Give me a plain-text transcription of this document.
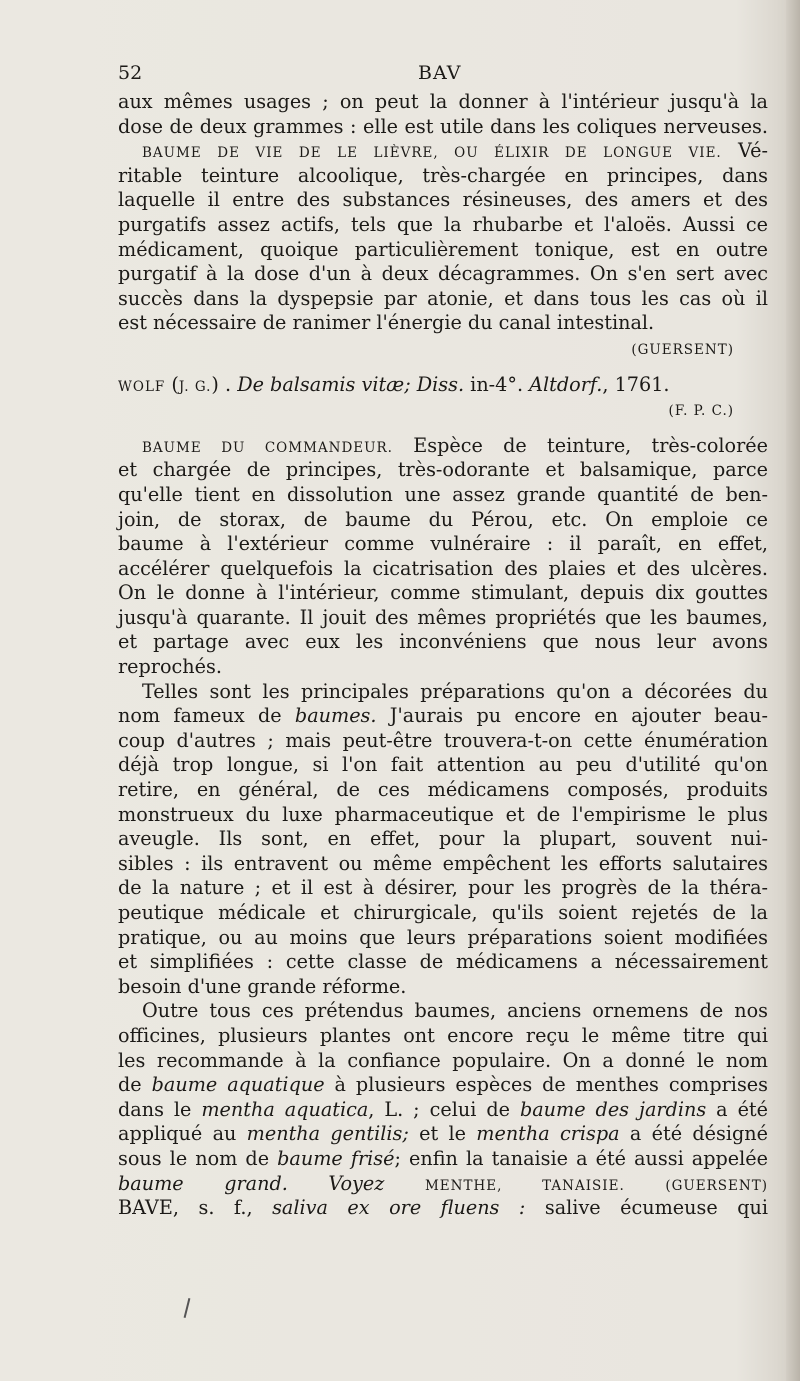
52	BAV
aux mêmes usages ; on peut la donner à l'intérieur jusqu'à la
dose de deux grammes : elle est utile dans les coliques nerveuses.
BAUME DE VIE DE LE LIÈVRE, OU ÉLIXIR DE LONGUE VIE. Vé-
ritable teinture alcoolique, très-chargée en principes, dans
laquelle il entre des substances résineuses, des amers et des
purgatifs assez actifs, tels que la rhubarbe et l'aloës. Aussi ce
médicament, quoique particulièrement tonique, est en outre
purgatif à la dose d'un à deux décagrammes. On s'en sert avec
succès dans la dyspepsie par atonie, et dans tous les cas où il
est nécessaire de ranimer l'énergie du canal intestinal.
(GUERSENT)
WOLF (J. G.) . De balsamis vitæ; Diss. in-4°. Altdorf., 1761.
(F. P. C.)
BAUME DU COMMANDEUR. Espèce de teinture, très-colorée
et chargée de principes, très-odorante et balsamique, parce
qu'elle tient en dissolution une assez grande quantité de ben-
join, de storax, de baume du Pérou, etc. On emploie ce
baume à l'extérieur comme vulnéraire : il paraît, en effet,
accélérer quelquefois la cicatrisation des plaies et des ulcères.
On le donne à l'intérieur, comme stimulant, depuis dix gouttes
jusqu'à quarante. Il jouit des mêmes propriétés que les baumes,
et partage avec eux les inconvéniens que nous leur avons
reprochés.
Telles sont les principales préparations qu'on a décorées du
nom fameux de baumes. J'aurais pu encore en ajouter beau-
coup d'autres ; mais peut-être trouvera-t-on cette énumération
déjà trop longue, si l'on fait attention au peu d'utilité qu'on
retire, en général, de ces médicamens composés, produits
monstrueux du luxe pharmaceutique et de l'empirisme le plus
aveugle. Ils sont, en effet, pour la plupart, souvent nui-
sibles : ils entravent ou même empêchent les efforts salutaires
de la nature ; et il est à désirer, pour les progrès de la théra-
peutique médicale et chirurgicale, qu'ils soient rejetés de la
pratique, ou au moins que leurs préparations soient modifiées
et simplifiées : cette classe de médicamens a nécessairement
besoin d'une grande réforme.
Outre tous ces prétendus baumes, anciens ornemens de nos
officines, plusieurs plantes ont encore reçu le même titre qui
les recommande à la confiance populaire. On a donné le nom
de baume aquatique à plusieurs espèces de menthes comprises
dans le mentha aquatica, L. ; celui de baume des jardins a été
appliqué au mentha gentilis; et le mentha crispa a été désigné
sous le nom de baume frisé; enfin la tanaisie a été aussi appelée
baume grand. Voyez	MENTHE, TANAISIE.	(GUERSENT)
BAVE, s. f., saliva ex ore fluens : salive écumeuse qui
